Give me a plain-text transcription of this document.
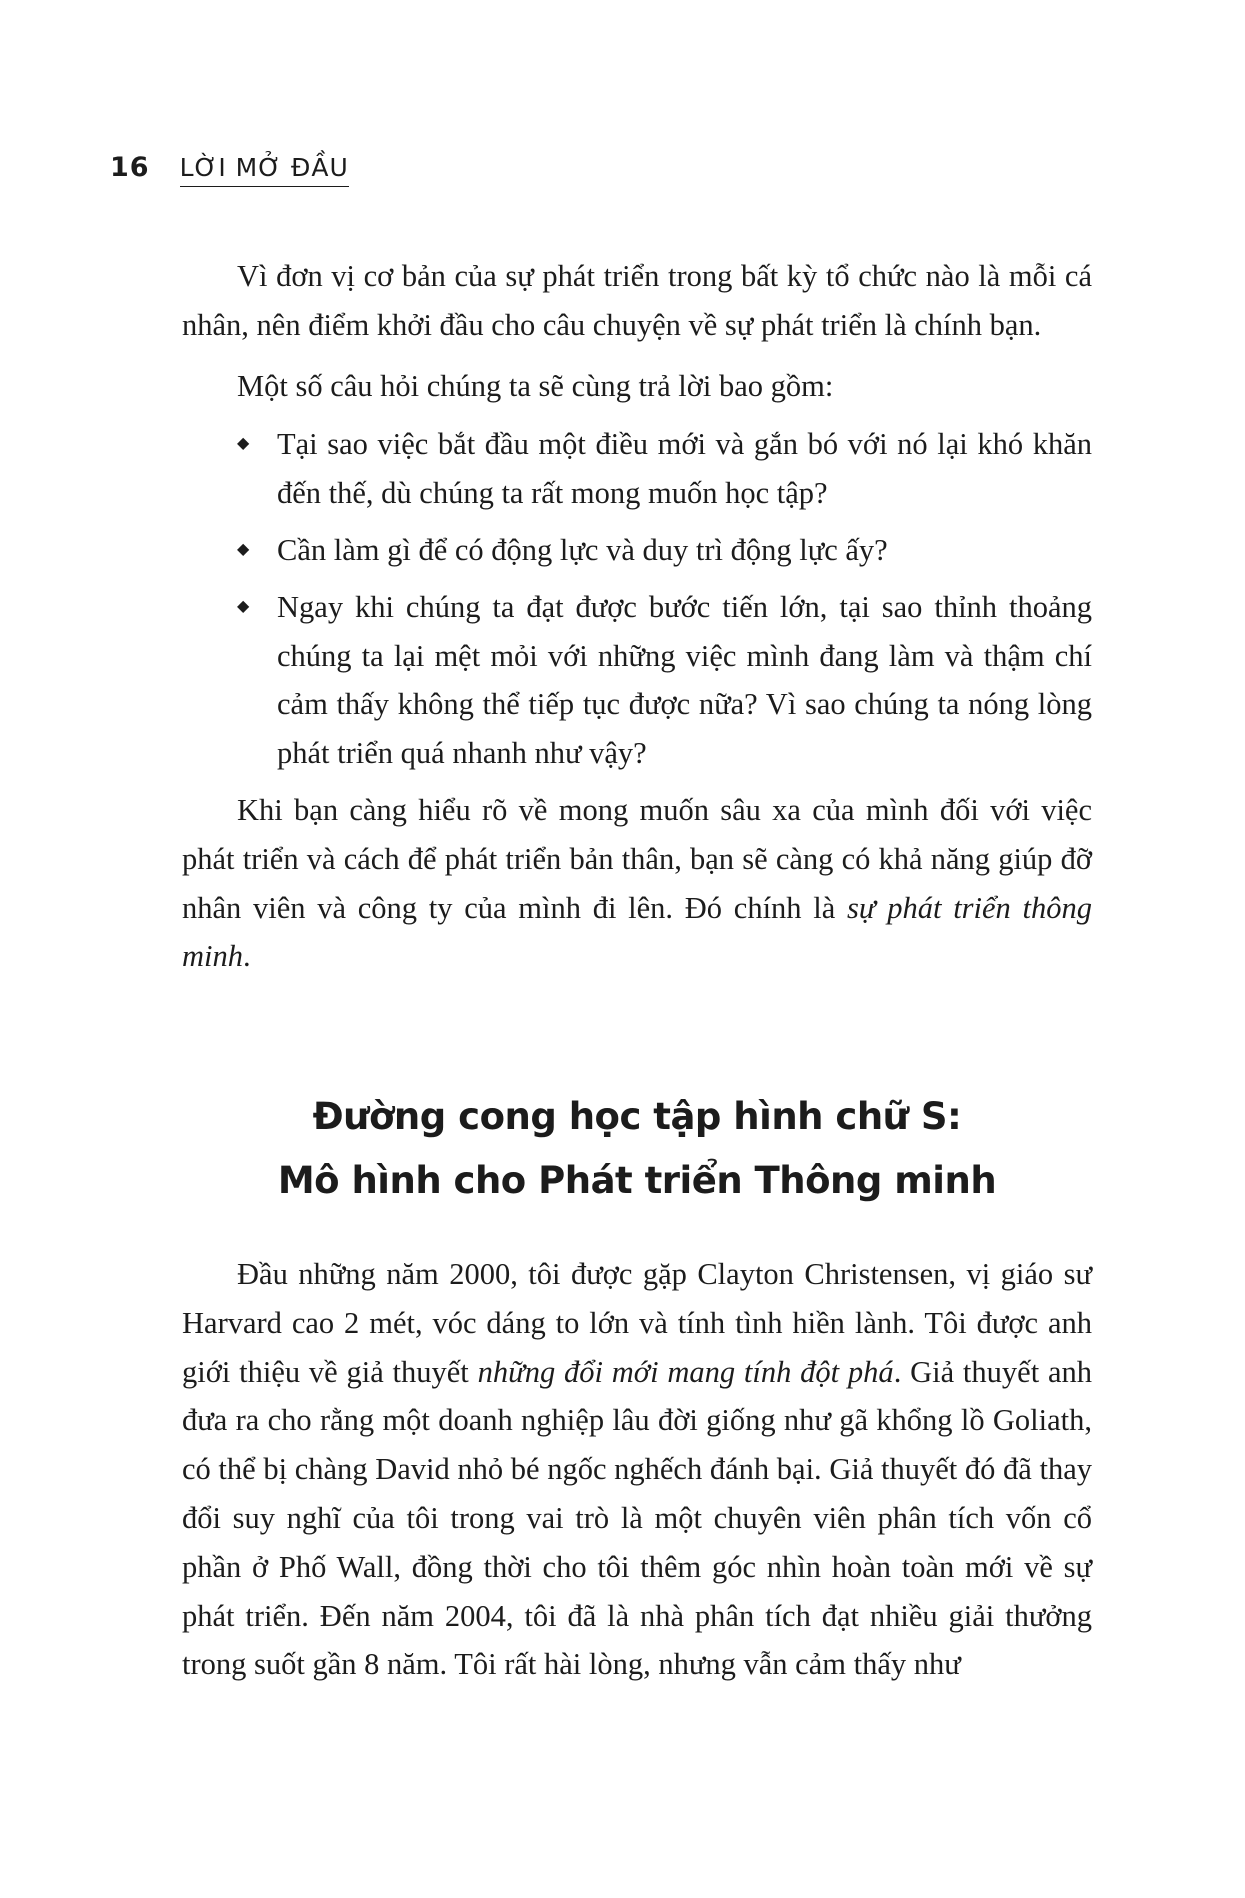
16 LỜI MỞ ĐẦU

Vì đơn vị cơ bản của sự phát triển trong bất kỳ tổ chức nào là mỗi cá nhân, nên điểm khởi đầu cho câu chuyện về sự phát triển là chính bạn.

Một số câu hỏi chúng ta sẽ cùng trả lời bao gồm:

◆ Tại sao việc bắt đầu một điều mới và gắn bó với nó lại khó khăn đến thế, dù chúng ta rất mong muốn học tập?
◆ Cần làm gì để có động lực và duy trì động lực ấy?
◆ Ngay khi chúng ta đạt được bước tiến lớn, tại sao thỉnh thoảng chúng ta lại mệt mỏi với những việc mình đang làm và thậm chí cảm thấy không thể tiếp tục được nữa? Vì sao chúng ta nóng lòng phát triển quá nhanh như vậy?

Khi bạn càng hiểu rõ về mong muốn sâu xa của mình đối với việc phát triển và cách để phát triển bản thân, bạn sẽ càng có khả năng giúp đỡ nhân viên và công ty của mình đi lên. Đó chính là sự phát triển thông minh.

Đường cong học tập hình chữ S:
Mô hình cho Phát triển Thông minh

Đầu những năm 2000, tôi được gặp Clayton Christensen, vị giáo sư Harvard cao 2 mét, vóc dáng to lớn và tính tình hiền lành. Tôi được anh giới thiệu về giả thuyết những đổi mới mang tính đột phá. Giả thuyết anh đưa ra cho rằng một doanh nghiệp lâu đời giống như gã khổng lồ Goliath, có thể bị chàng David nhỏ bé ngốc nghếch đánh bại. Giả thuyết đó đã thay đổi suy nghĩ của tôi trong vai trò là một chuyên viên phân tích vốn cổ phần ở Phố Wall, đồng thời cho tôi thêm góc nhìn hoàn toàn mới về sự phát triển. Đến năm 2004, tôi đã là nhà phân tích đạt nhiều giải thưởng trong suốt gần 8 năm. Tôi rất hài lòng, nhưng vẫn cảm thấy như
